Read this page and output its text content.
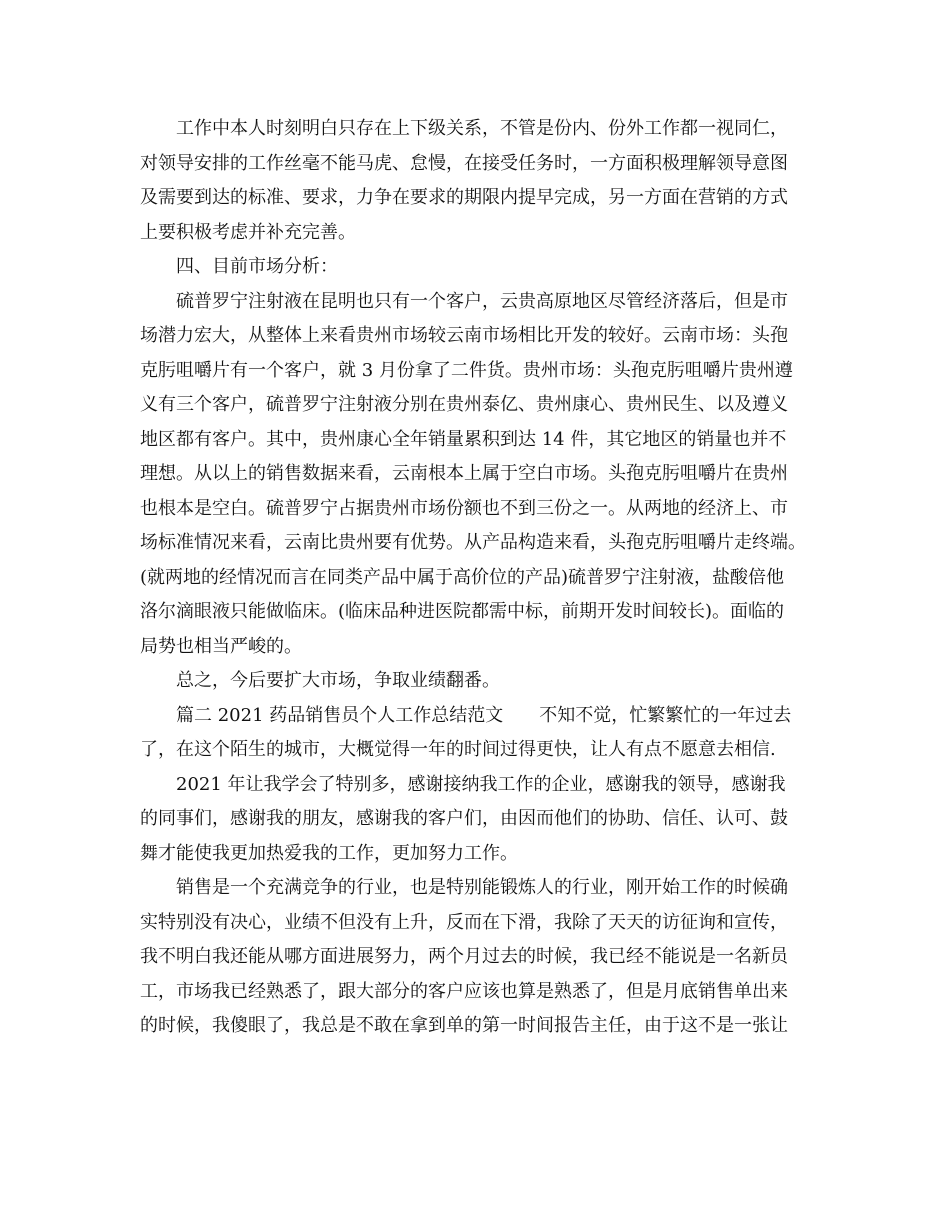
工作中本人时刻明白只存在上下级关系，不管是份内、份外工作都一视同仁，
对领导安排的工作丝毫不能马虎、怠慢，在接受任务时，一方面积极理解领导意图
及需要到达的标准、要求，力争在要求的期限内提早完成，另一方面在营销的方式
上要积极考虑并补充完善。
四、目前市场分析：
硫普罗宁注射液在昆明也只有一个客户，云贵高原地区尽管经济落后，但是市
场潜力宏大，从整体上来看贵州市场较云南市场相比开发的较好。云南市场：头孢
克肟咀嚼片有一个客户，就 3 月份拿了二件货。贵州市场：头孢克肟咀嚼片贵州遵
义有三个客户，硫普罗宁注射液分别在贵州泰亿、贵州康心、贵州民生、以及遵义
地区都有客户。其中，贵州康心全年销量累积到达 14 件，其它地区的销量也并不
理想。从以上的销售数据来看，云南根本上属于空白市场。头孢克肟咀嚼片在贵州
也根本是空白。硫普罗宁占据贵州市场份额也不到三份之一。从两地的经济上、市
场标准情况来看，云南比贵州要有优势。从产品构造来看，头孢克肟咀嚼片走终端。
(就两地的经情况而言在同类产品中属于高价位的产品)硫普罗宁注射液，盐酸倍他
洛尔滴眼液只能做临床。(临床品种进医院都需中标，前期开发时间较长)。面临的
局势也相当严峻的。
总之，今后要扩大市场，争取业绩翻番。
篇二 2021 药品销售员个人工作总结范文　　不知不觉，忙繁繁忙的一年过去
了，在这个陌生的城市，大概觉得一年的时间过得更快，让人有点不愿意去相信.
2021 年让我学会了特别多，感谢接纳我工作的企业，感谢我的领导，感谢我
的同事们，感谢我的朋友，感谢我的客户们，由因而他们的协助、信任、认可、鼓
舞才能使我更加热爱我的工作，更加努力工作。
销售是一个充满竞争的行业，也是特别能锻炼人的行业，刚开始工作的时候确
实特别没有决心，业绩不但没有上升，反而在下滑，我除了天天的访征询和宣传，
我不明白我还能从哪方面进展努力，两个月过去的时候，我已经不能说是一名新员
工，市场我已经熟悉了，跟大部分的客户应该也算是熟悉了，但是月底销售单出来
的时候，我傻眼了，我总是不敢在拿到单的第一时间报告主任，由于这不是一张让
